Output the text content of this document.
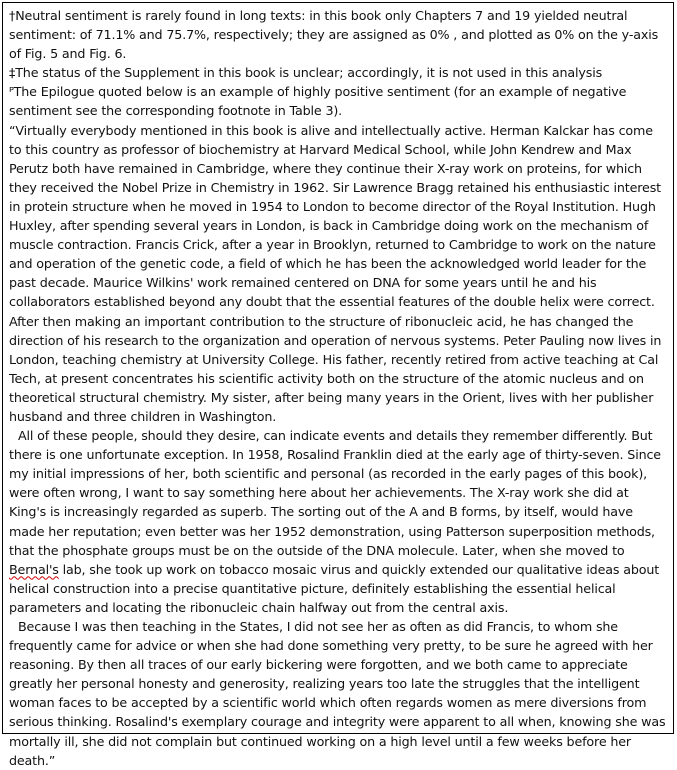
†Neutral sentiment is rarely found in long texts: in this book only Chapters 7 and 19 yielded neutral sentiment: of 71.1% and 75.7%, respectively; they are assigned as 0% , and plotted as 0% on the y-axis of Fig. 5 and Fig. 6.

‡The status of the Supplement in this book is unclear; accordingly, it is not used in this analysis

ᴾThe Epilogue quoted below is an example of highly positive sentiment (for an example of negative sentiment see the corresponding footnote in Table 3).

“Virtually everybody mentioned in this book is alive and intellectually active. Herman Kalckar has come to this country as professor of biochemistry at Harvard Medical School, while John Kendrew and Max Perutz both have remained in Cambridge, where they continue their X-ray work on proteins, for which they received the Nobel Prize in Chemistry in 1962. Sir Lawrence Bragg retained his enthusiastic interest in protein structure when he moved in 1954 to London to become director of the Royal Institution. Hugh Huxley, after spending several years in London, is back in Cambridge doing work on the mechanism of muscle contraction. Francis Crick, after a year in Brooklyn, returned to Cambridge to work on the nature and operation of the genetic code, a field of which he has been the acknowledged world leader for the past decade. Maurice Wilkins' work remained centered on DNA for some years until he and his collaborators established beyond any doubt that the essential features of the double helix were correct. After then making an important contribution to the structure of ribonucleic acid, he has changed the direction of his research to the organization and operation of nervous systems. Peter Pauling now lives in London, teaching chemistry at University College. His father, recently retired from active teaching at Cal Tech, at present concentrates his scientific activity both on the structure of the atomic nucleus and on theoretical structural chemistry. My sister, after being many years in the Orient, lives with her publisher husband and three children in Washington.

All of these people, should they desire, can indicate events and details they remember differently. But there is one unfortunate exception. In 1958, Rosalind Franklin died at the early age of thirty-seven. Since my initial impressions of her, both scientific and personal (as recorded in the early pages of this book), were often wrong, I want to say something here about her achievements. The X-ray work she did at King's is increasingly regarded as superb. The sorting out of the A and B forms, by itself, would have made her reputation; even better was her 1952 demonstration, using Patterson superposition methods, that the phosphate groups must be on the outside of the DNA molecule. Later, when she moved to Bernal's lab, she took up work on tobacco mosaic virus and quickly extended our qualitative ideas about helical construction into a precise quantitative picture, definitely establishing the essential helical parameters and locating the ribonucleic chain halfway out from the central axis.

Because I was then teaching in the States, I did not see her as often as did Francis, to whom she frequently came for advice or when she had done something very pretty, to be sure he agreed with her reasoning. By then all traces of our early bickering were forgotten, and we both came to appreciate greatly her personal honesty and generosity, realizing years too late the struggles that the intelligent woman faces to be accepted by a scientific world which often regards women as mere diversions from serious thinking. Rosalind's exemplary courage and integrity were apparent to all when, knowing she was mortally ill, she did not complain but continued working on a high level until a few weeks before her death.”
